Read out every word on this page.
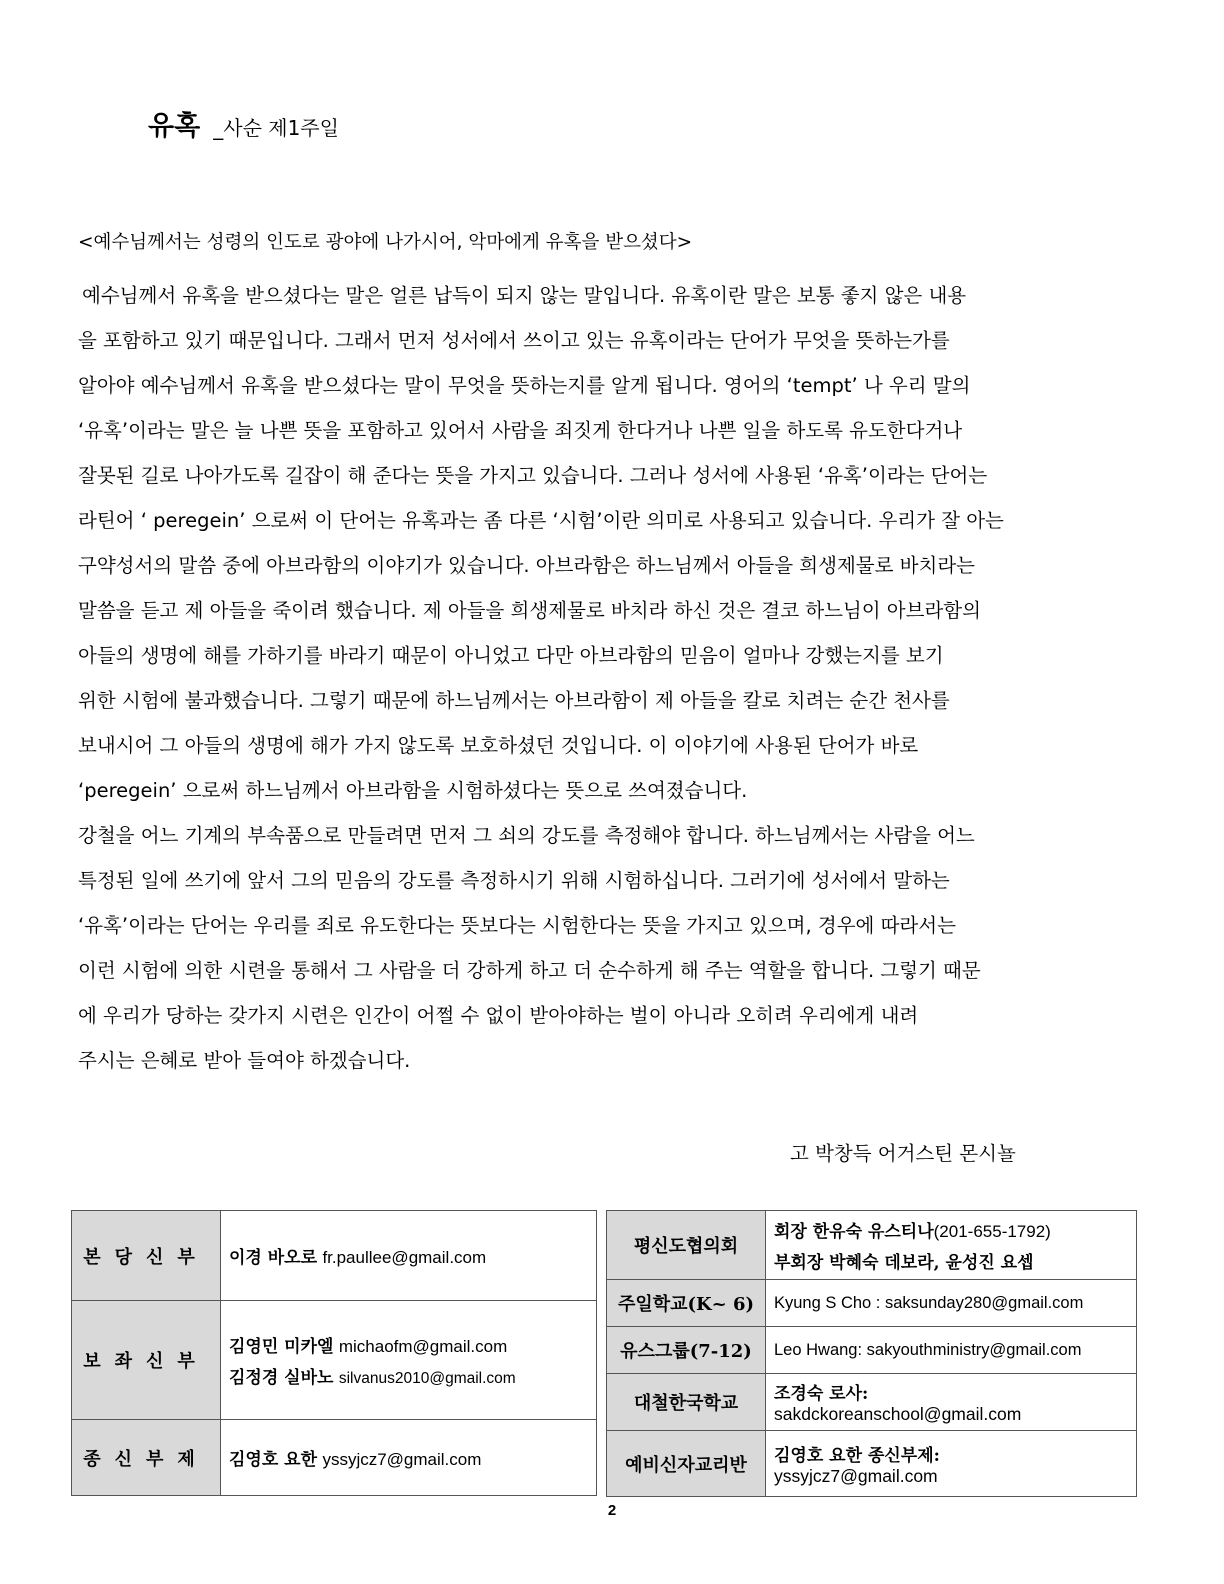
유혹 _사순 제1주일
<예수님께서는 성령의 인도로 광야에 나가시어, 악마에게 유혹을 받으셨다>
예수님께서 유혹을 받으셨다는 말은 얼른 납득이 되지 않는 말입니다. 유혹이란 말은 보통 좋지 않은 내용
을 포함하고 있기 때문입니다. 그래서 먼저 성서에서 쓰이고 있는 유혹이라는 단어가 무엇을 뜻하는가를
알아야 예수님께서 유혹을 받으셨다는 말이 무엇을 뜻하는지를 알게 됩니다. 영어의 ‘tempt’ 나 우리 말의
‘유혹’이라는 말은 늘 나쁜 뜻을 포함하고 있어서 사람을 죄짓게 한다거나 나쁜 일을 하도록 유도한다거나
잘못된 길로 나아가도록 길잡이 해 준다는 뜻을 가지고 있습니다. 그러나 성서에 사용된 ‘유혹’이라는 단어는
라틴어 ‘ peregein’ 으로써 이 단어는 유혹과는 좀 다른 ‘시험’이란 의미로 사용되고 있습니다. 우리가 잘 아는
구약성서의 말씀 중에 아브라함의 이야기가 있습니다. 아브라함은 하느님께서 아들을 희생제물로 바치라는
말씀을 듣고 제 아들을 죽이려 했습니다. 제 아들을 희생제물로 바치라 하신 것은 결코 하느님이 아브라함의
아들의 생명에 해를 가하기를 바라기 때문이 아니었고 다만 아브라함의 믿음이 얼마나 강했는지를 보기
위한 시험에 불과했습니다. 그렇기 때문에 하느님께서는 아브라함이 제 아들을 칼로 치려는 순간 천사를
보내시어 그 아들의 생명에 해가 가지 않도록 보호하셨던 것입니다. 이 이야기에 사용된 단어가 바로
‘peregein’ 으로써 하느님께서 아브라함을 시험하셨다는 뜻으로 쓰여졌습니다.
강철을 어느 기계의 부속품으로 만들려면 먼저 그 쇠의 강도를 측정해야 합니다. 하느님께서는 사람을 어느
특정된 일에 쓰기에 앞서 그의 믿음의 강도를 측정하시기 위해 시험하십니다. 그러기에 성서에서 말하는
‘유혹’이라는 단어는 우리를 죄로 유도한다는 뜻보다는 시험한다는 뜻을 가지고 있으며, 경우에 따라서는
이런 시험에 의한 시련을 통해서 그 사람을 더 강하게 하고 더 순수하게 해 주는 역할을 합니다. 그렇기 때문
에 우리가 당하는 갖가지 시련은 인간이 어쩔 수 없이 받아야하는 벌이 아니라 오히려 우리에게 내려
주시는 은혜로 받아 들여야 하겠습니다.
고 박창득 어거스틴 몬시뇰
본당신부	이경 바오로 fr.paullee@gmail.com
보좌신부	김영민 미카엘 michaofm@gmail.com
김정경 실바노 silvanus2010@gmail.com

종신부제	김영호 요한 yssyjcz7@gmail.com
평신도협의회	회장 한유숙 유스티나(201-655-1792)
부회장 박혜숙 데보라, 윤성진 요셉

주일학교(K~ 6)	Kyung S Cho : saksunday280@gmail.com
유스그룹(7-12)	Leo Hwang: sakyouthministry@gmail.com
대철한국학교	조경숙 로사:
sakdckoreanschool@gmail.com

예비신자교리반	김영호 요한 종신부제:
yssyjcz7@gmail.com
2
